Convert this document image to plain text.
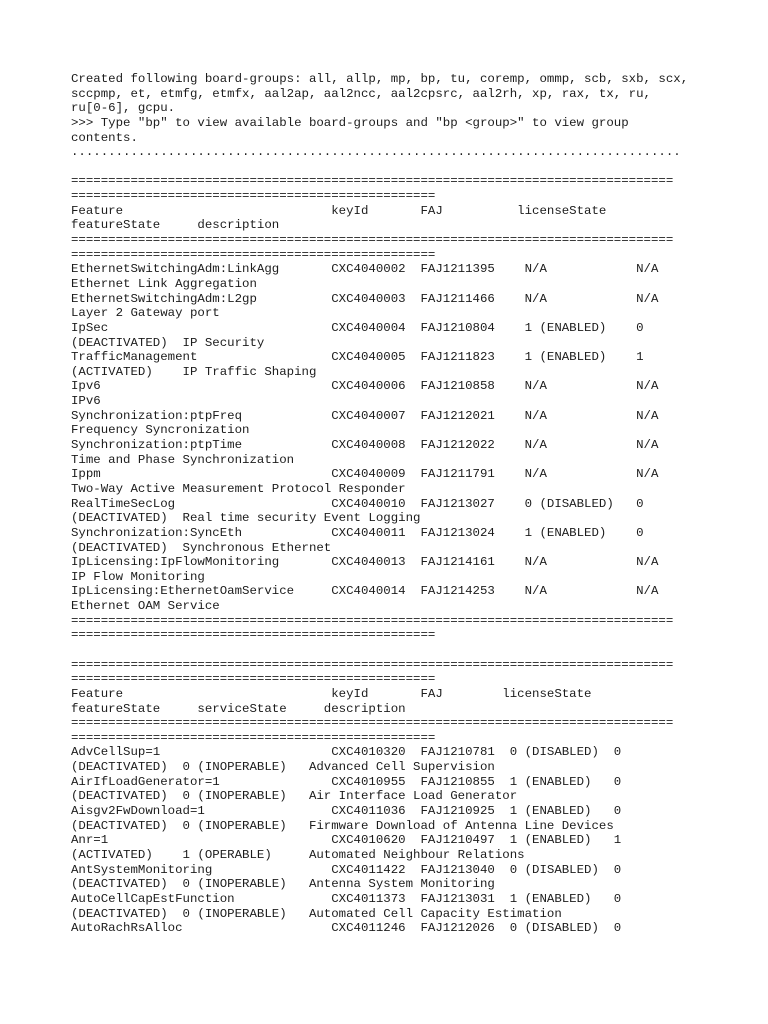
Created following board-groups: all, allp, mp, bp, tu, coremp, ommp, scb, sxb, scx,
sccpmp, et, etmfg, etmfx, aal2ap, aal2ncc, aal2cpsrc, aal2rh, xp, rax, tx, ru,
ru[0-6], gcpu.
>>> Type "bp" to view available board-groups and "bp <group>" to view group
contents.
..................................................................................
=================================================================================
=================================================
Feature                            keyId       FAJ          licenseState
featureState     description
=================================================================================
=================================================
EthernetSwitchingAdm:LinkAgg       CXC4040002  FAJ1211395    N/A            N/A
Ethernet Link Aggregation
EthernetSwitchingAdm:L2gp          CXC4040003  FAJ1211466    N/A            N/A
Layer 2 Gateway port
IpSec                              CXC4040004  FAJ1210804    1 (ENABLED)    0
(DEACTIVATED)  IP Security
TrafficManagement                  CXC4040005  FAJ1211823    1 (ENABLED)    1
(ACTIVATED)    IP Traffic Shaping
Ipv6                               CXC4040006  FAJ1210858    N/A            N/A
IPv6
Synchronization:ptpFreq            CXC4040007  FAJ1212021    N/A            N/A
Frequency Syncronization
Synchronization:ptpTime            CXC4040008  FAJ1212022    N/A            N/A
Time and Phase Synchronization
Ippm                               CXC4040009  FAJ1211791    N/A            N/A
Two-Way Active Measurement Protocol Responder
RealTimeSecLog                     CXC4040010  FAJ1213027    0 (DISABLED)   0
(DEACTIVATED)  Real time security Event Logging
Synchronization:SyncEth            CXC4040011  FAJ1213024    1 (ENABLED)    0
(DEACTIVATED)  Synchronous Ethernet
IpLicensing:IpFlowMonitoring       CXC4040013  FAJ1214161    N/A            N/A
IP Flow Monitoring
IpLicensing:EthernetOamService     CXC4040014  FAJ1214253    N/A            N/A
Ethernet OAM Service
=================================================================================
=================================================
=================================================================================
=================================================
Feature                            keyId       FAJ        licenseState
featureState     serviceState     description
=================================================================================
=================================================
AdvCellSup=1                       CXC4010320  FAJ1210781  0 (DISABLED)  0
(DEACTIVATED)  0 (INOPERABLE)   Advanced Cell Supervision
AirIfLoadGenerator=1               CXC4010955  FAJ1210855  1 (ENABLED)   0
(DEACTIVATED)  0 (INOPERABLE)   Air Interface Load Generator
Aisgv2FwDownload=1                 CXC4011036  FAJ1210925  1 (ENABLED)   0
(DEACTIVATED)  0 (INOPERABLE)   Firmware Download of Antenna Line Devices
Anr=1                              CXC4010620  FAJ1210497  1 (ENABLED)   1
(ACTIVATED)    1 (OPERABLE)     Automated Neighbour Relations
AntSystemMonitoring                CXC4011422  FAJ1213040  0 (DISABLED)  0
(DEACTIVATED)  0 (INOPERABLE)   Antenna System Monitoring
AutoCellCapEstFunction             CXC4011373  FAJ1213031  1 (ENABLED)   0
(DEACTIVATED)  0 (INOPERABLE)   Automated Cell Capacity Estimation
AutoRachRsAlloc                    CXC4011246  FAJ1212026  0 (DISABLED)  0
